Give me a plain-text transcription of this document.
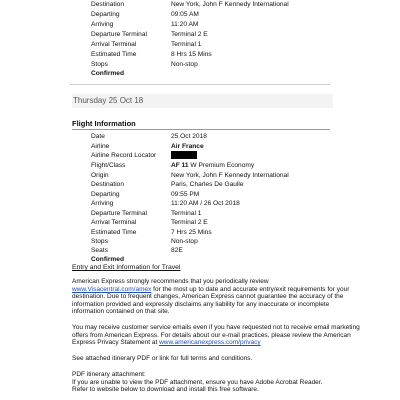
Destination	New York, John F Kennedy International
Departing	09:05 AM
Arriving	11:20 AM
Departure Terminal	Terminal 2 E
Arrival Terminal	Terminal 1
Estimated Time	8 Hrs 15 Mins
Stops	Non-stop
Confirmed
Thursday 25 Oct 18
Flight Information
Date	25 Oct 2018
Airline	Air France
Airline Record Locator
Flight/Class	AF 11 W Premium Economy
Origin	New York, John F Kennedy International
Destination	Paris, Charles De Gaulle
Departing	09:55 PM
Arriving	11:20 AM / 26 Oct 2018
Departure Terminal	Terminal 1
Arrival Terminal	Terminal 2 E
Estimated Time	7 Hrs 25 Mins
Stops	Non-stop
Seats	82E
Confirmed
Entry and Exit Information for Travel
American Express strongly recommends that you periodically review
www.Visacentral.com/amex for the most up to date and accurate entry/exit requirements for your destination. Due to frequent changes, American Express cannot guarantee the accuracy of the information provided and expressly disclaims any liability for any inaccurate or incomplete information contained on that site.
You may receive customer service emails even if you have requested not to receive email marketing offers from American Express. For details about our e-mail practices, please review the American Express Privacy Statement at www.americanexpress.com/privacy
See attached itinerary PDF or link for full terms and conditions.
PDF itinerary attachment:
If you are unable to view the PDF attachment, ensure you have Adobe Acrobat Reader.
Refer to website below to download and install this free software.
